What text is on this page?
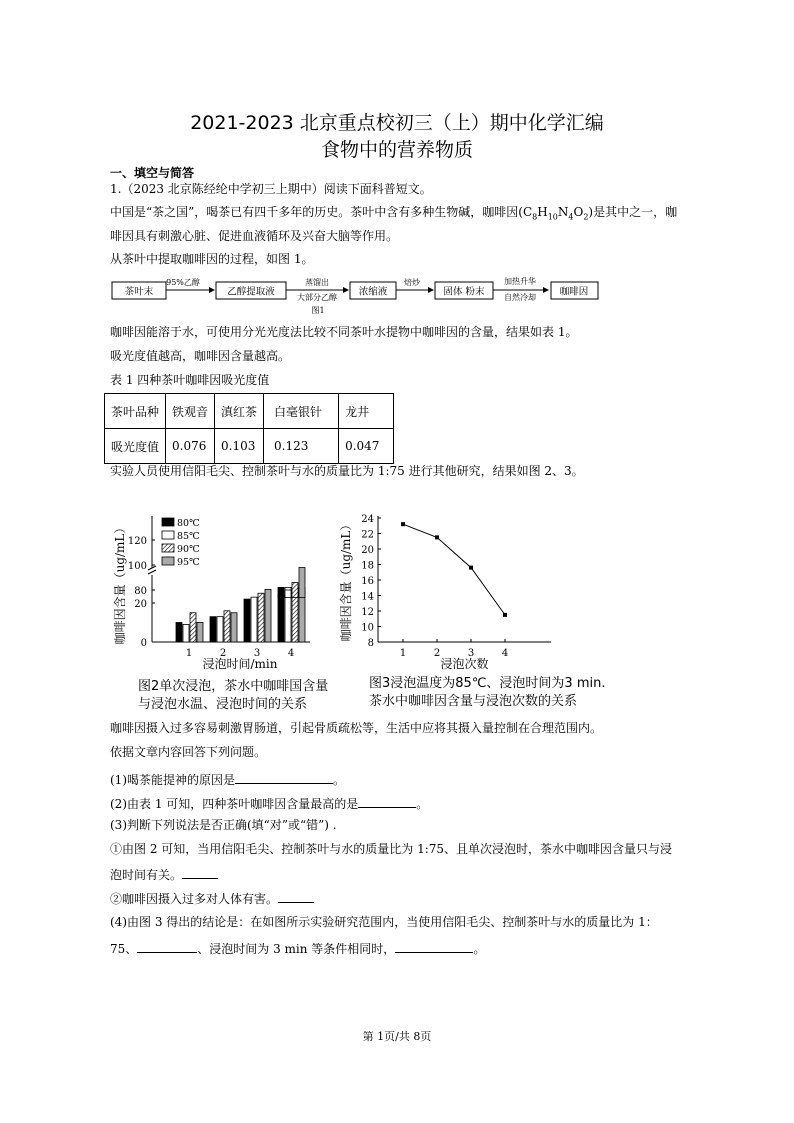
2021-2023 北京重点校初三（上）期中化学汇编
食物中的营养物质
一、填空与简答
1.（2023 北京陈经纶中学初三上期中）阅读下面科普短文。
中国是“茶之国”，喝茶已有四千多年的历史。茶叶中含有多种生物碱，咖啡因$(C_8H_{10}N_4O_2)$是其中之一，咖
啡因具有刺激心脏、促进血液循环及兴奋大脑等作用。
从茶叶中提取咖啡因的过程，如图 1。
茶叶末
95%乙醇
乙醇提取液
蒸馏出
大部分乙醇 浓缩液
焙炒
固体 粉末
加热升华
自然冷却 咖啡因
图1
咖啡因能溶于水，可使用分光光度法比较不同茶叶水提物中咖啡因的含量，结果如表 1。
吸光度值越高，咖啡因含量越高。
表 1 四种茶叶咖啡因吸光度值
茶叶品种	铁观音	滇红茶	白毫银针	龙井
吸光度值	0.076	0.103	0.123	0.047
实验人员使用信阳毛尖、控制茶叶与水的质量比为 1:75 进行其他研究，结果如图 2、3。
0
20
80
100
120
1	2	3	4
80℃
85℃
90℃
95℃
浸泡时间/min
咖啡因含量（ug/mL）
图2单次浸泡，茶水中咖啡国含量
与浸泡水温、浸泡时间的关系
8
10
12
14
16
18
20
22
24
1	2	3	4
浸泡次数
咖啡因含量（ug/mL）
图3浸泡温度为85℃、浸泡时间为3 min.
茶水中咖啡因含量与浸泡次数的关系
咖啡因摄入过多容易刺激胃肠道，引起骨质疏松等，生活中应将其摄入量控制在合理范围内。
依据文章内容回答下列问题。
(1)喝茶能提神的原因是	。
(2)由表 1 可知，四种茶叶咖啡因含量最高的是	。
(3)判断下列说法是否正确(填“对”或“错”) .
①由图 2 可知，当用信阳毛尖、控制茶叶与水的质量比为 1:75、且单次浸泡时，茶水中咖啡因含量只与浸
泡时间有关。
②咖啡因摄入过多对人体有害。
(4)由图 3 得出的结论是：在如图所示实验研究范围内，当使用信阳毛尖、控制茶叶与水的质量比为 1：
75、	、浸泡时间为 3 min 等条件相同时，	。
第 1页/共 8页
